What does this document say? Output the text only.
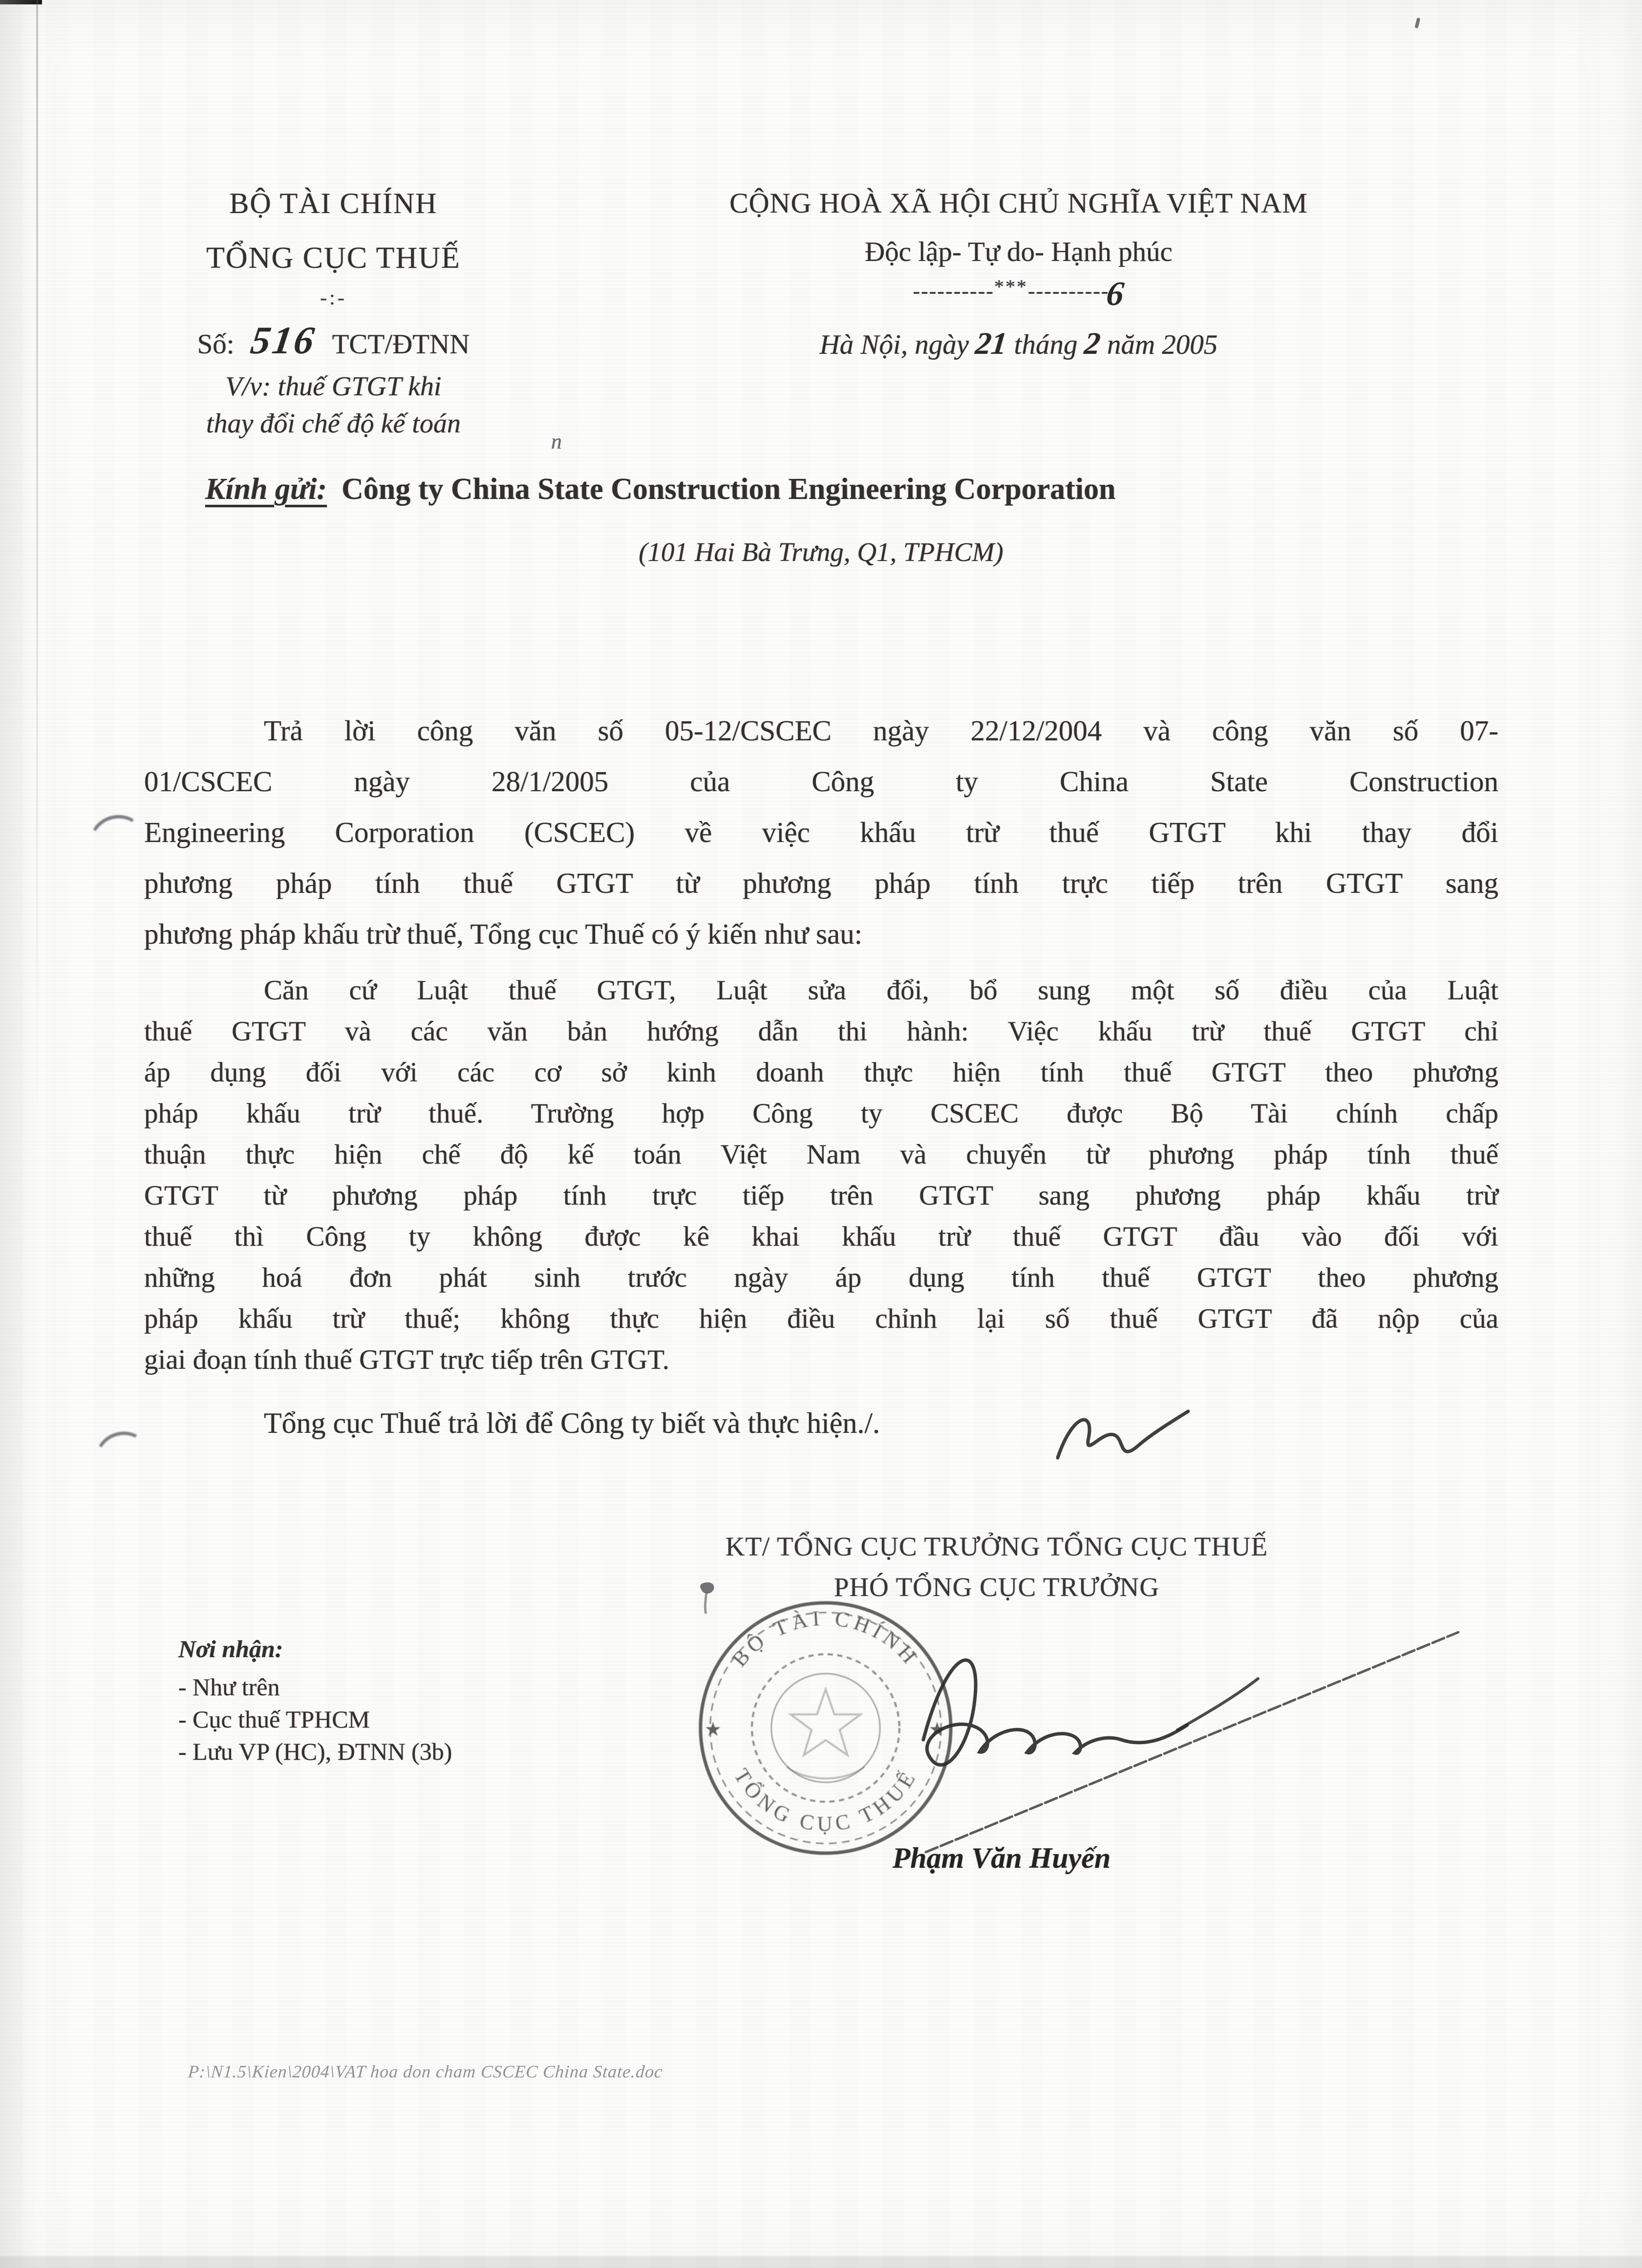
n
BỘ TÀI CHÍNH
TỔNG CỤC THUẾ
-:-
Số: 516 TCT/ĐTNN
V/v: thuế GTGT khi
thay đổi chế độ kế toán
CỘNG HOÀ XÃ HỘI CHỦ NGHĨA VIỆT NAM
Độc lập- Tự do- Hạnh phúc
----------***----------6
Hà Nội, ngày 21 tháng 2 năm 2005
Kính gửi: Công ty China State Construction Engineering Corporation
(101 Hai Bà Trưng, Q1, TPHCM)
Trả lời công văn số 05-12/CSCEC ngày 22/12/2004 và công văn số 07-
01/CSCEC ngày 28/1/2005 của Công ty China State Construction
Engineering Corporation (CSCEC) về việc khấu trừ thuế GTGT khi thay đổi
phương pháp tính thuế GTGT từ phương pháp tính trực tiếp trên GTGT sang
phương pháp khấu trừ thuế, Tổng cục Thuế có ý kiến như sau:
Căn cứ Luật thuế GTGT, Luật sửa đổi, bổ sung một số điều của Luật
thuế GTGT và các văn bản hướng dẫn thi hành: Việc khấu trừ thuế GTGT chỉ
áp dụng đối với các cơ sở kinh doanh thực hiện tính thuế GTGT theo phương
pháp khấu trừ thuế. Trường hợp Công ty CSCEC được Bộ Tài chính chấp
thuận thực hiện chế độ kế toán Việt Nam và chuyển từ phương pháp tính thuế
GTGT từ phương pháp tính trực tiếp trên GTGT sang phương pháp khấu trừ
thuế thì Công ty không được kê khai khấu trừ thuế GTGT đầu vào đối với
những hoá đơn phát sinh trước ngày áp dụng tính thuế GTGT theo phương
pháp khấu trừ thuế; không thực hiện điều chỉnh lại số thuế GTGT đã nộp của
giai đoạn tính thuế GTGT trực tiếp trên GTGT.
Tổng cục Thuế trả lời để Công ty biết và thực hiện./.
KT/ TỔNG CỤC TRƯỞNG TỔNG CỤC THUẾ
PHÓ TỔNG CỤC TRƯỞNG
BỘ TÀI CHÍNH
TỔNG CỤC THUẾ
★	★
Phạm Văn Huyến
Nơi nhận:
- Như trên
- Cục thuế TPHCM
- Lưu VP (HC), ĐTNN (3b)
P:\N1.5\Kien\2004\VAT hoa don cham CSCEC China State.doc
